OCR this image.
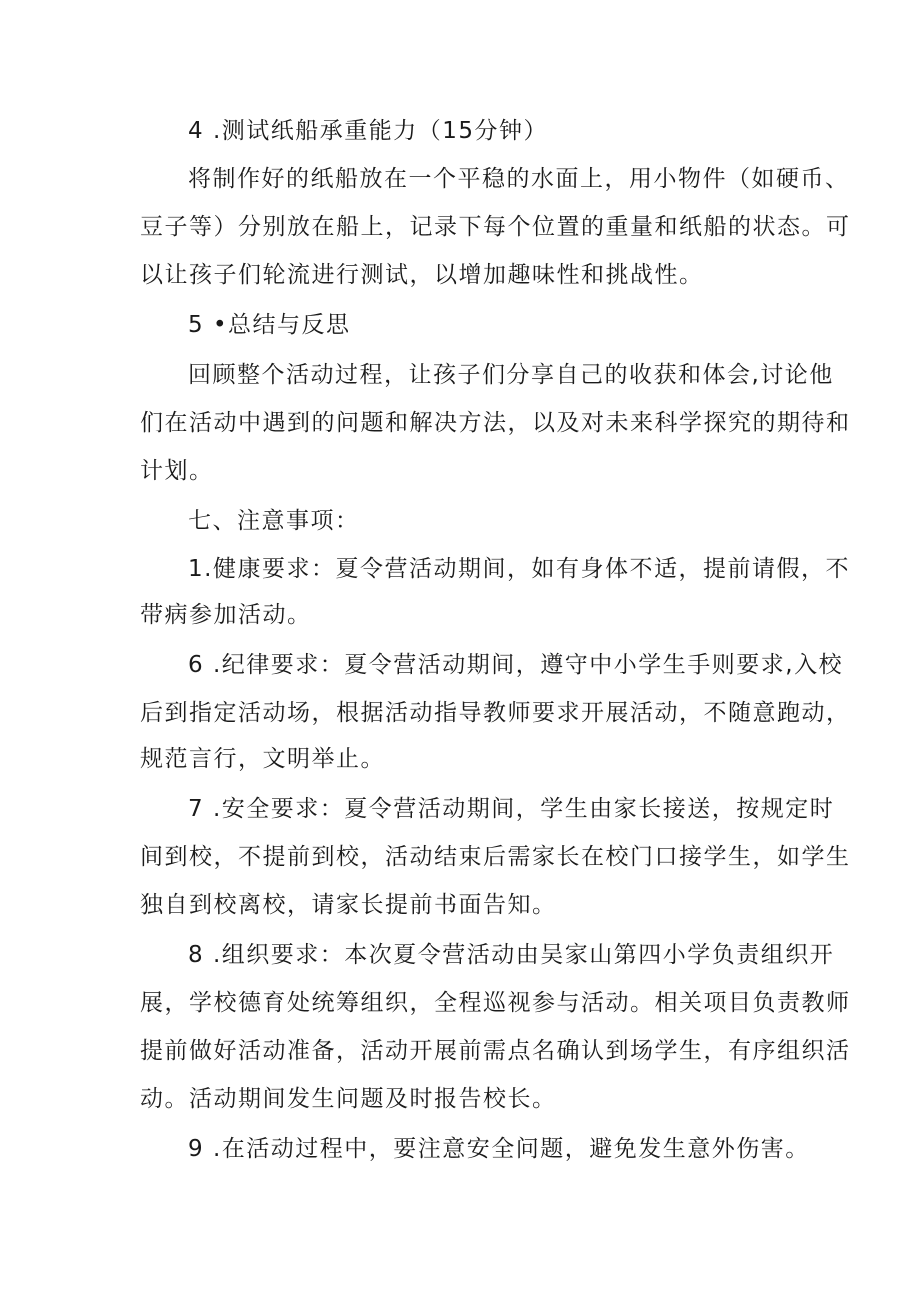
4 .测试纸船承重能力（15分钟）
将制作好的纸船放在一个平稳的水面上，用小物件（如硬币、
豆子等）分别放在船上，记录下每个位置的重量和纸船的状态。可
以让孩子们轮流进行测试，以增加趣味性和挑战性。
5 •总结与反思
回顾整个活动过程，让孩子们分享自己的收获和体会,讨论他
们在活动中遇到的问题和解决方法，以及对未来科学探究的期待和
计划。
七、注意事项：
1.健康要求：夏令营活动期间，如有身体不适，提前请假，不
带病参加活动。
6 .纪律要求：夏令营活动期间，遵守中小学生手则要求,入校
后到指定活动场，根据活动指导教师要求开展活动，不随意跑动，
规范言行，文明举止。
7 .安全要求：夏令营活动期间，学生由家长接送，按规定时
间到校，不提前到校，活动结束后需家长在校门口接学生，如学生
独自到校离校，请家长提前书面告知。
8 .组织要求：本次夏令营活动由吴家山第四小学负责组织开
展，学校德育处统筹组织，全程巡视参与活动。相关项目负责教师
提前做好活动准备，活动开展前需点名确认到场学生，有序组织活
动。活动期间发生问题及时报告校长。
9 .在活动过程中，要注意安全问题，避免发生意外伤害。
